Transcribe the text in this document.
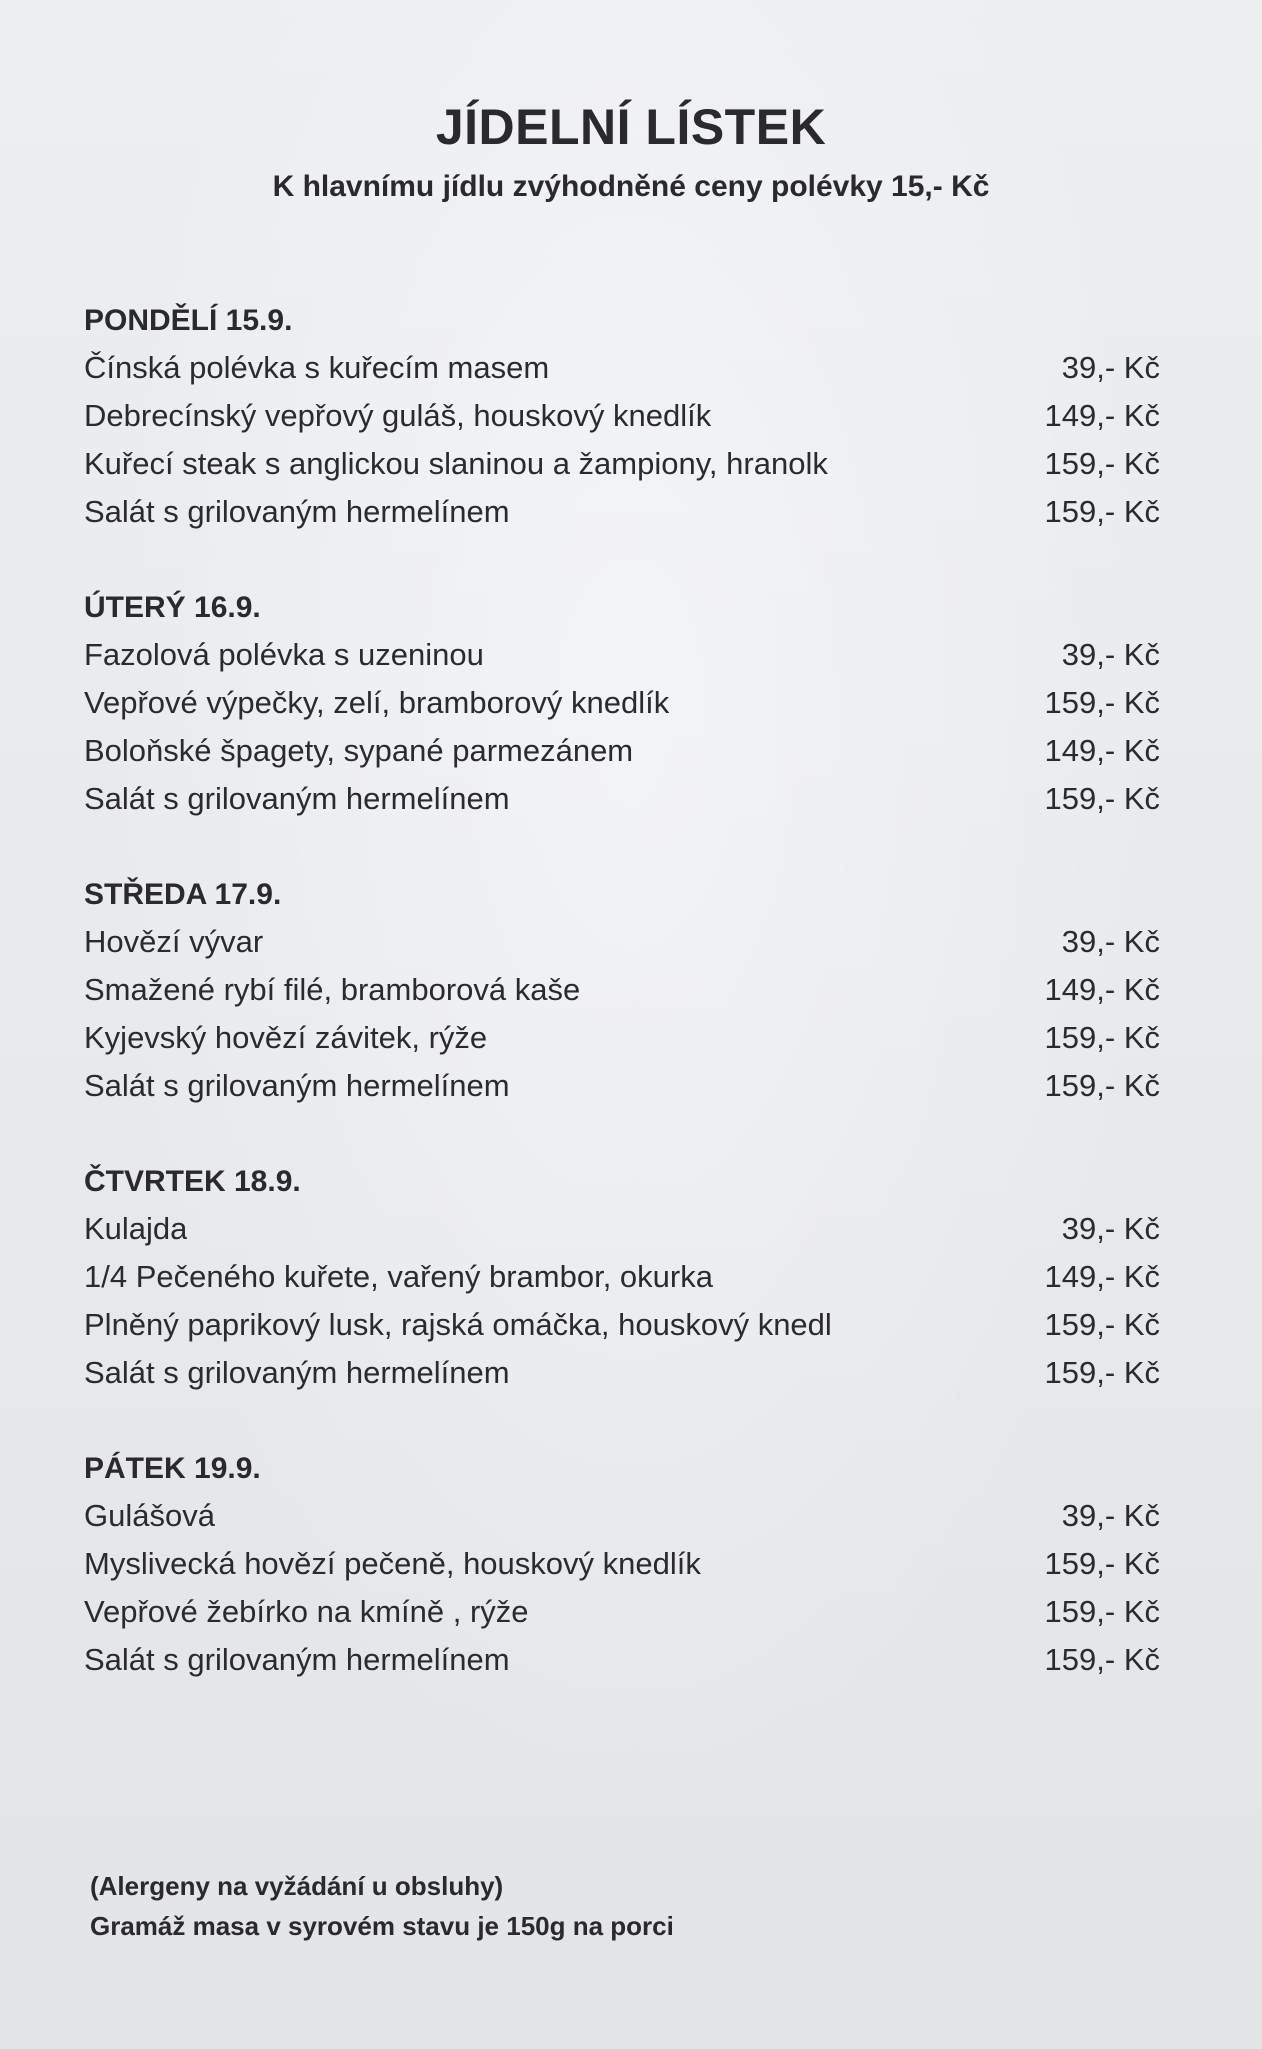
JÍDELNÍ LÍSTEK
K hlavnímu jídlu zvýhodněné ceny polévky 15,- Kč
PONDĚLÍ 15.9.
Čínská polévka s kuřecím masem	39,- Kč
Debrecínský vepřový guláš, houskový knedlík	149,- Kč
Kuřecí steak s anglickou slaninou a žampiony, hranolk	159,- Kč
Salát s grilovaným hermelínem	159,- Kč
ÚTERÝ 16.9.
Fazolová polévka s uzeninou	39,- Kč
Vepřové výpečky, zelí, bramborový knedlík	159,- Kč
Boloňské špagety, sypané parmezánem	149,- Kč
Salát s grilovaným hermelínem	159,- Kč
STŘEDA 17.9.
Hovězí vývar	39,- Kč
Smažené rybí filé, bramborová kaše	149,- Kč
Kyjevský hovězí závitek, rýže	159,- Kč
Salát s grilovaným hermelínem	159,- Kč
ČTVRTEK 18.9.
Kulajda	39,- Kč
1/4 Pečeného kuřete, vařený brambor, okurka	149,- Kč
Plněný paprikový lusk, rajská omáčka, houskový knedl	159,- Kč
Salát s grilovaným hermelínem	159,- Kč
PÁTEK 19.9.
Gulášová	39,- Kč
Myslivecká hovězí pečeně, houskový knedlík	159,- Kč
Vepřové žebírko na kmíně , rýže	159,- Kč
Salát s grilovaným hermelínem	159,- Kč
(Alergeny na vyžádání u obsluhy)
Gramáž masa v syrovém stavu je 150g na porci
